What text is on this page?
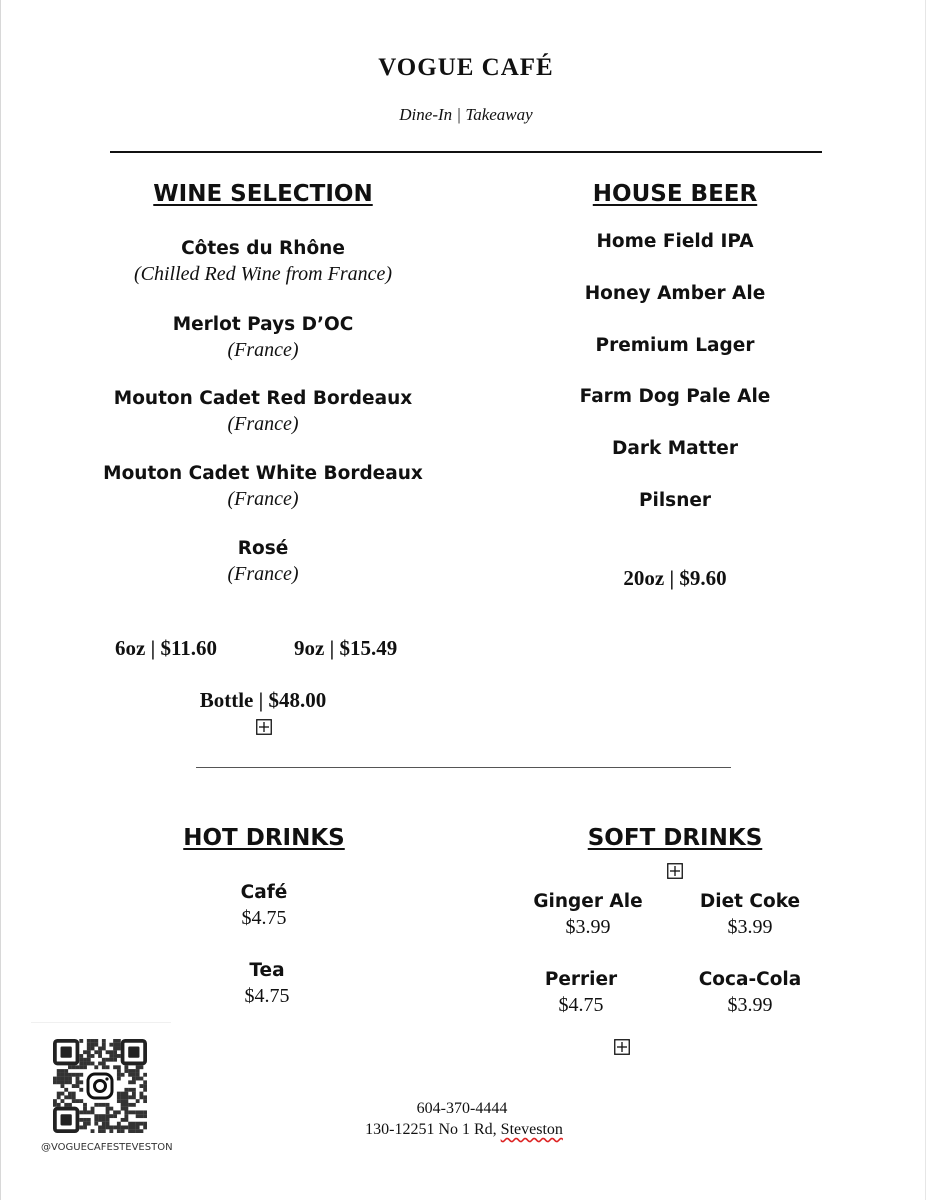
VOGUE CAFÉ
Dine-In | Takeaway
WINE SELECTION
Côtes du Rhône
(Chilled Red Wine from France)
Merlot Pays D’OC
(France)
Mouton Cadet Red Bordeaux
(France)
Mouton Cadet White Bordeaux
(France)
Rosé
(France)
6oz | $11.60	9oz | $15.49
Bottle | $48.00
HOUSE BEER
Home Field IPA
Honey Amber Ale
Premium Lager
Farm Dog Pale Ale
Dark Matter
Pilsner
20oz | $9.60
HOT DRINKS
Café
$4.75
Tea
$4.75
SOFT DRINKS
Ginger Ale
$3.99
Diet Coke
$3.99
Perrier
$4.75
Coca-Cola
$3.99
@VOGUECAFESTEVESTON
604-370-4444
130-12251 No 1 Rd, Steveston
